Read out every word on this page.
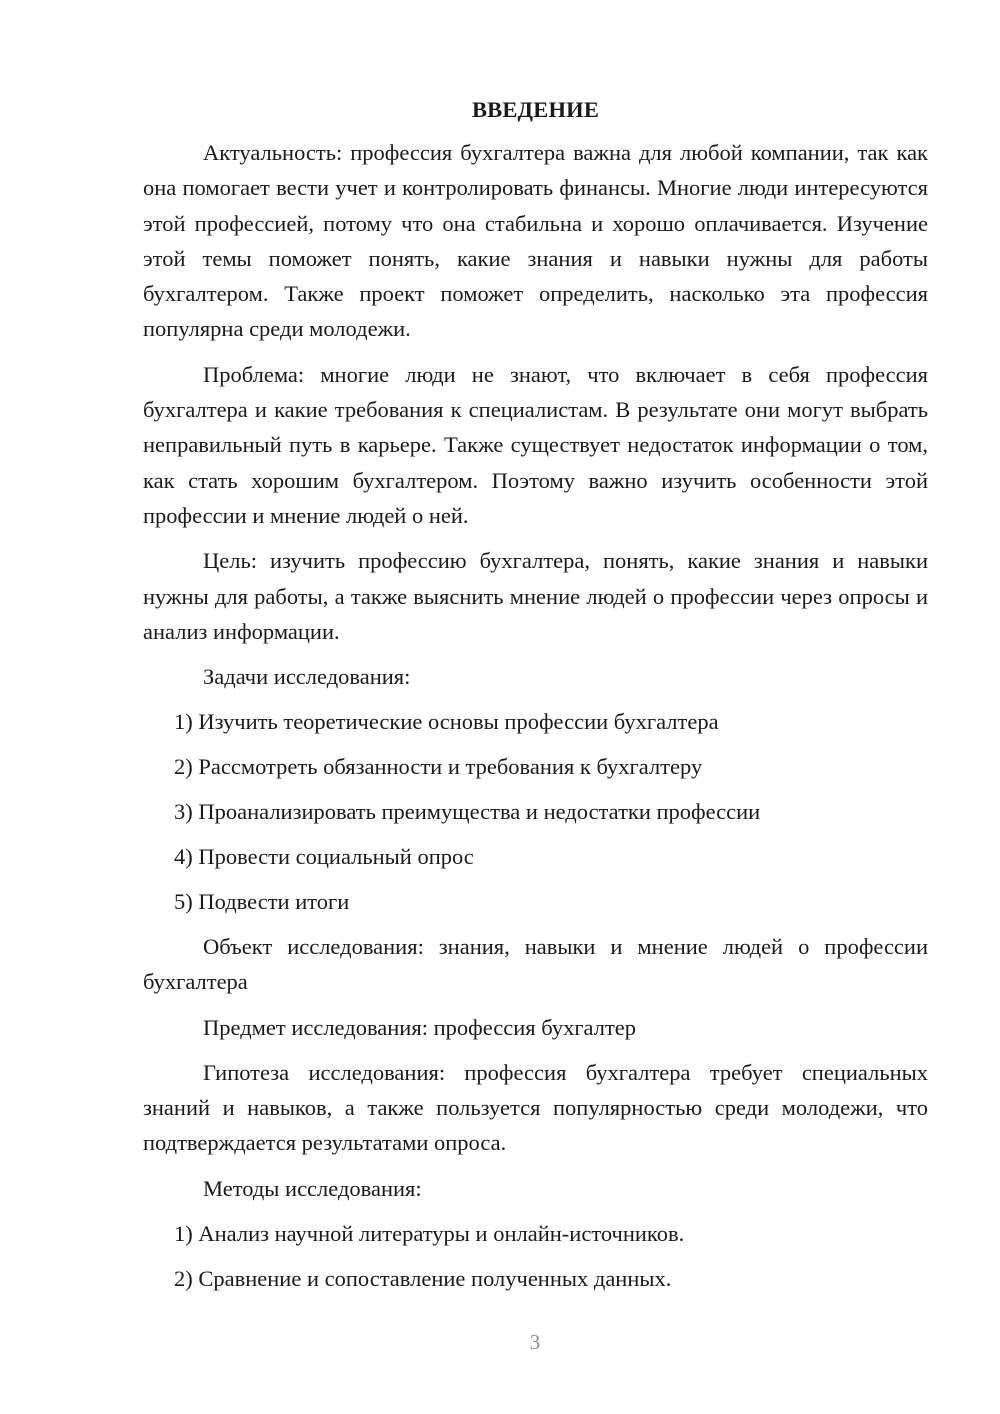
ВВЕДЕНИЕ

Актуальность: профессия бухгалтера важна для любой компании, так как она помогает вести учет и контролировать финансы. Многие люди интересуются этой профессией, потому что она стабильна и хорошо оплачивается. Изучение этой темы поможет понять, какие знания и навыки нужны для работы бухгалтером. Также проект поможет определить, насколько эта профессия популярна среди молодежи.

Проблема: многие люди не знают, что включает в себя профессия бухгалтера и какие требования к специалистам. В результате они могут выбрать неправильный путь в карьере. Также существует недостаток информации о том, как стать хорошим бухгалтером. Поэтому важно изучить особенности этой профессии и мнение людей о ней.

Цель: изучить профессию бухгалтера, понять, какие знания и навыки нужны для работы, а также выяснить мнение людей о профессии через опросы и анализ информации.

Задачи исследования:
1) Изучить теоретические основы профессии бухгалтера
2) Рассмотреть обязанности и требования к бухгалтеру
3) Проанализировать преимущества и недостатки профессии
4) Провести социальный опрос
5) Подвести итоги

Объект исследования: знания, навыки и мнение людей о профессии бухгалтера

Предмет исследования: профессия бухгалтер

Гипотеза исследования: профессия бухгалтера требует специальных знаний и навыков, а также пользуется популярностью среди молодежи, что подтверждается результатами опроса.

Методы исследования:
1) Анализ научной литературы и онлайн-источников.
2) Сравнение и сопоставление полученных данных.
3
